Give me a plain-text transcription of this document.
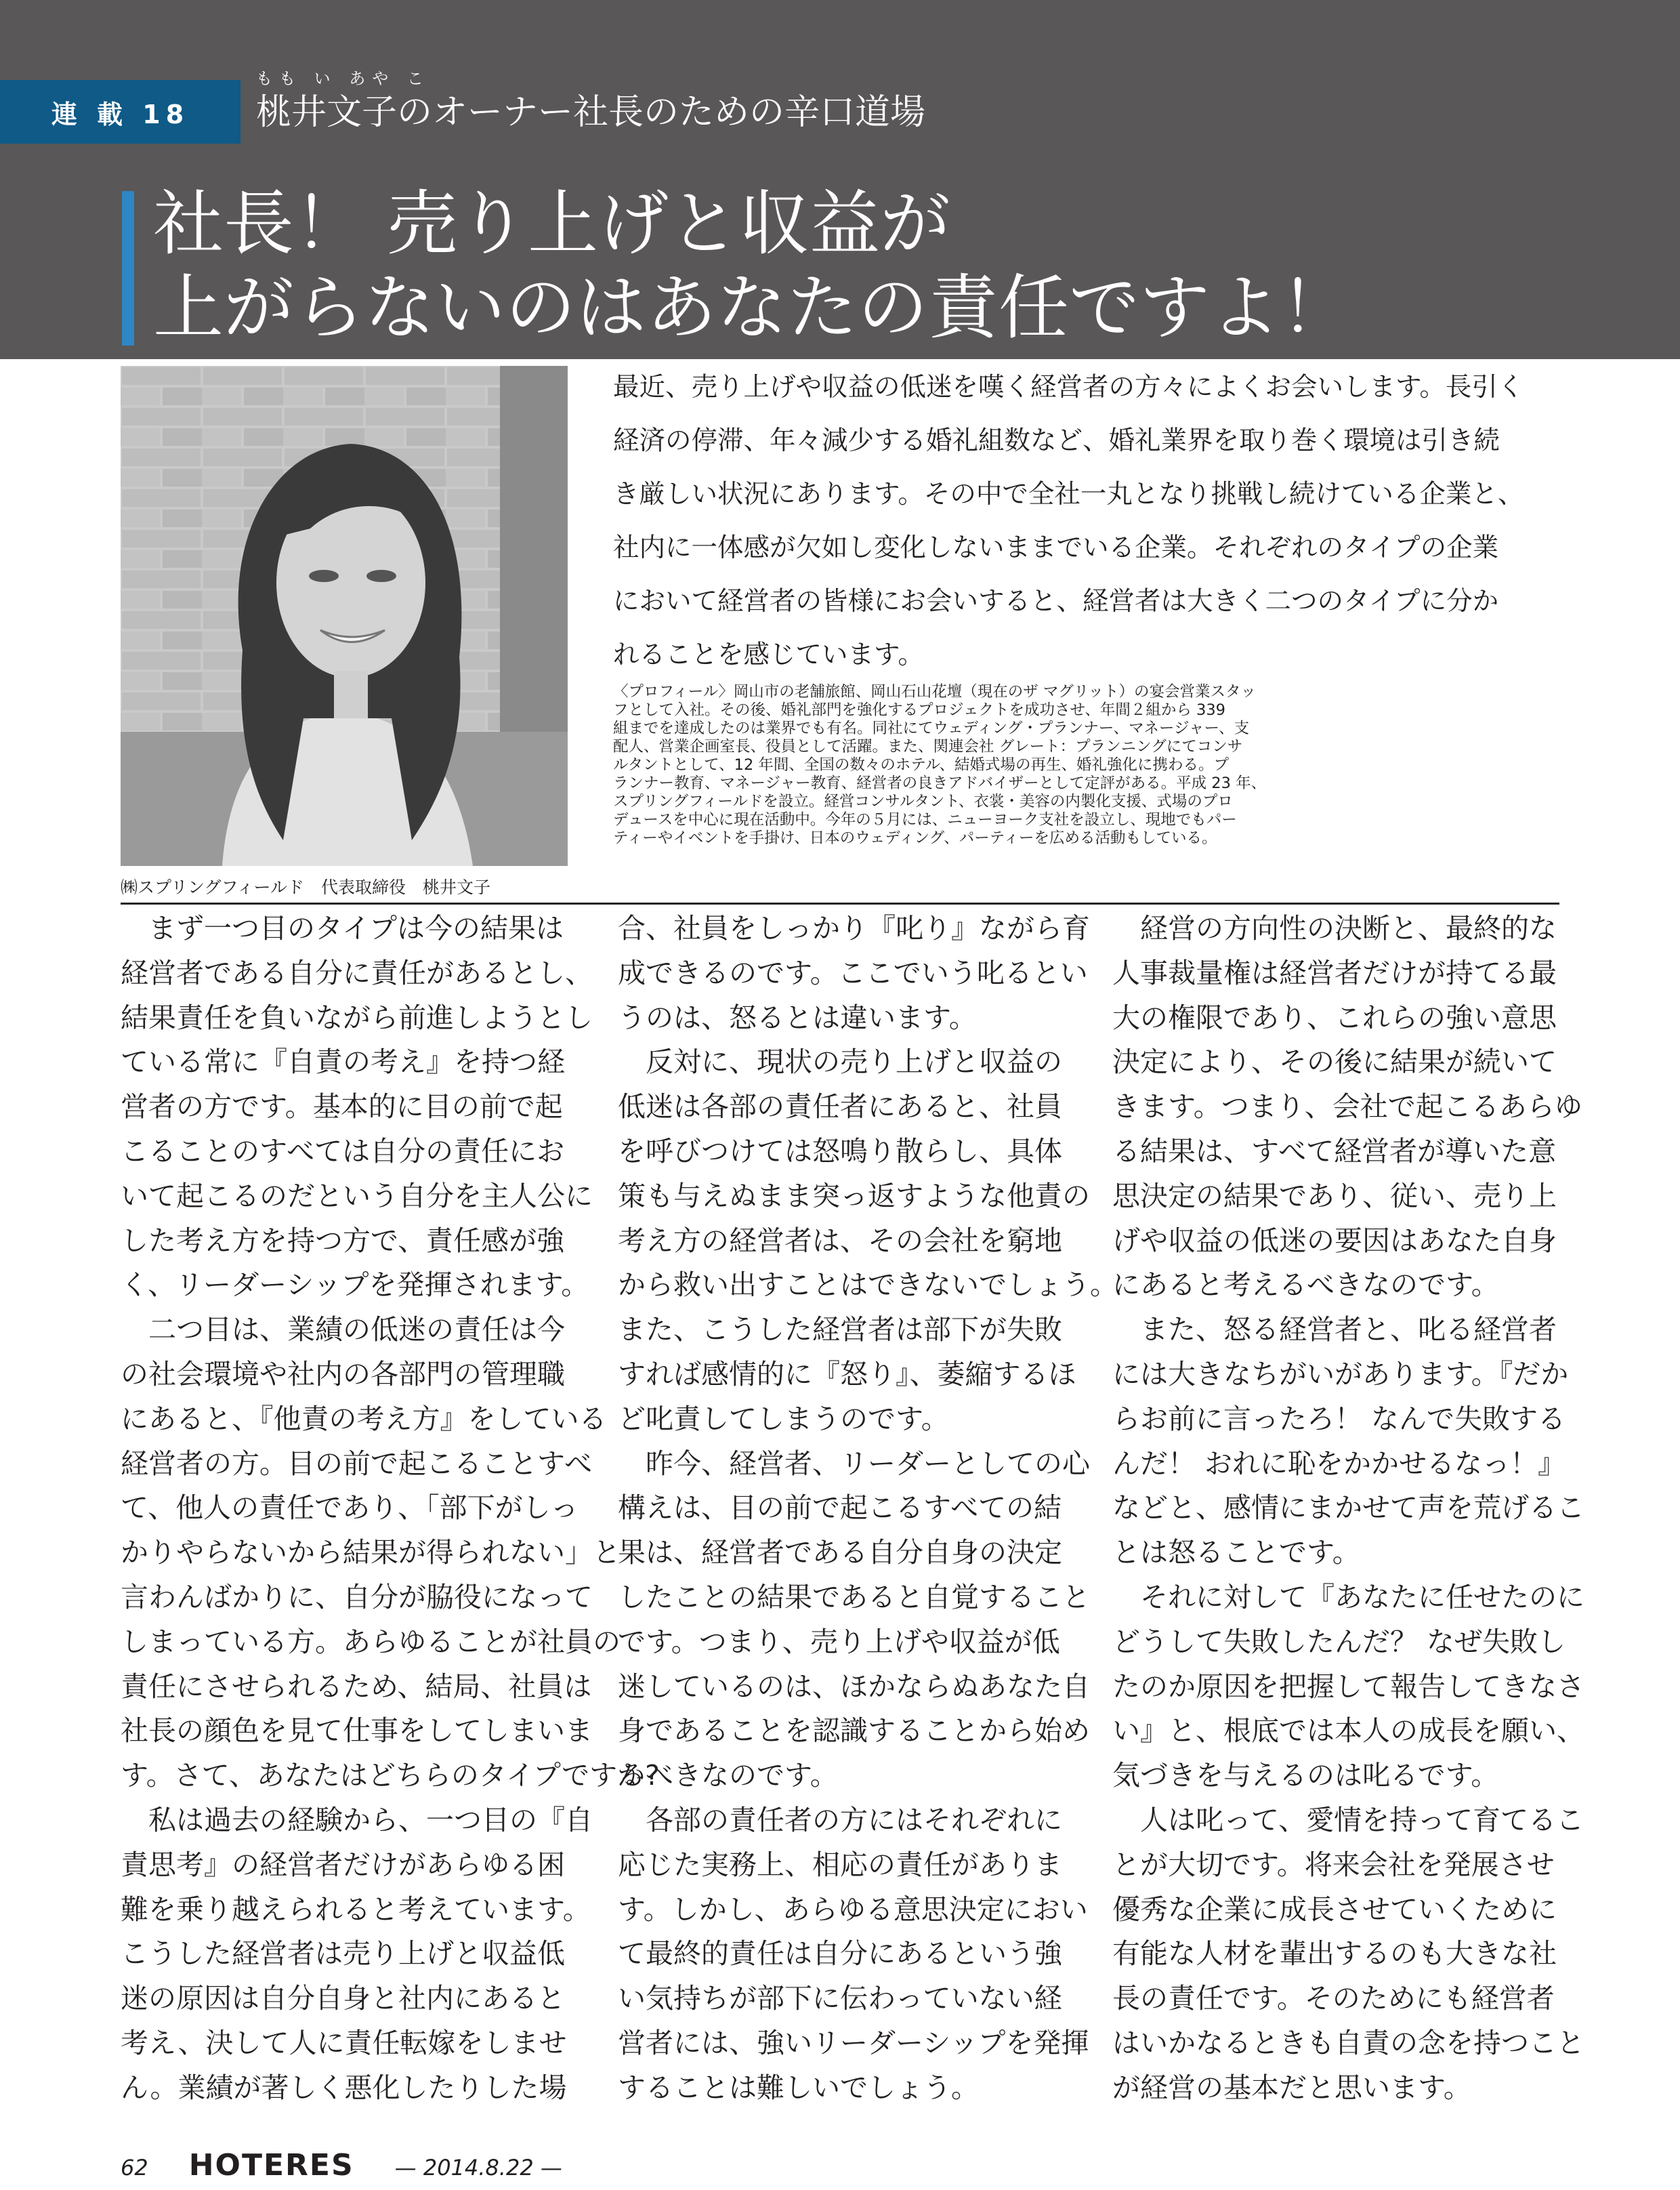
連 載 18
もも い あや こ
桃井文子のオーナー社長のための辛口道場
社長！ 売り上げと収益が
上がらないのはあなたの責任ですよ！
㈱スプリングフィールド　代表取締役　桃井文子
最近、売り上げや収益の低迷を嘆く経営者の方々によくお会いします。長引く
経済の停滞、年々減少する婚礼組数など、婚礼業界を取り巻く環境は引き続
き厳しい状況にあります。その中で全社一丸となり挑戦し続けている企業と、
社内に一体感が欠如し変化しないままでいる企業。それぞれのタイプの企業
において経営者の皆様にお会いすると、経営者は大きく二つのタイプに分か
れることを感じています。
〈プロフィール〉岡山市の老舗旅館、岡山石山花壇（現在のザ マグリット）の宴会営業スタッ
フとして入社。その後、婚礼部門を強化するプロジェクトを成功させ、年間２組から 339
組までを達成したのは業界でも有名。同社にてウェディング・プランナー、マネージャー、支
配人、営業企画室長、役員として活躍。また、関連会社 グレート：プランニングにてコンサ
ルタントとして、12 年間、全国の数々のホテル、結婚式場の再生、婚礼強化に携わる。プ
ランナー教育、マネージャー教育、経営者の良きアドバイザーとして定評がある。平成 23 年、
スプリングフィールドを設立。経営コンサルタント、衣裳・美容の内製化支援、式場のプロ
デュースを中心に現在活動中。今年の５月には、ニューヨーク支社を設立し、現地でもパー
ティーやイベントを手掛け、日本のウェディング、パーティーを広める活動もしている。
　まず一つ目のタイプは今の結果は
経営者である自分に責任があるとし、
結果責任を負いながら前進しようとし
ている常に『自責の考え』を持つ経
営者の方です。基本的に目の前で起
こることのすべては自分の責任にお
いて起こるのだという自分を主人公に
した考え方を持つ方で、責任感が強
く、リーダーシップを発揮されます。
　二つ目は、業績の低迷の責任は今
の社会環境や社内の各部門の管理職
にあると、『他責の考え方』をしている
経営者の方。目の前で起こることすべ
て、他人の責任であり、「部下がしっ
かりやらないから結果が得られない」と
言わんばかりに、自分が脇役になって
しまっている方。あらゆることが社員の
責任にさせられるため、結局、社員は
社長の顔色を見て仕事をしてしまいま
す。さて、あなたはどちらのタイプですか?
　私は過去の経験から、一つ目の『自
責思考』の経営者だけがあらゆる困
難を乗り越えられると考えています。
こうした経営者は売り上げと収益低
迷の原因は自分自身と社内にあると
考え、決して人に責任転嫁をしませ
ん。業績が著しく悪化したりした場
合、社員をしっかり『叱り』ながら育
成できるのです。ここでいう叱るとい
うのは、怒るとは違います。
　反対に、現状の売り上げと収益の
低迷は各部の責任者にあると、社員
を呼びつけては怒鳴り散らし、具体
策も与えぬまま突っ返すような他責の
考え方の経営者は、その会社を窮地
から救い出すことはできないでしょう。
また、こうした経営者は部下が失敗
すれば感情的に『怒り』、萎縮するほ
ど叱責してしまうのです。
　昨今、経営者、リーダーとしての心
構えは、目の前で起こるすべての結
果は、経営者である自分自身の決定
したことの結果であると自覚すること
です。つまり、売り上げや収益が低
迷しているのは、ほかならぬあなた自
身であることを認識することから始め
るべきなのです。
　各部の責任者の方にはそれぞれに
応じた実務上、相応の責任がありま
す。しかし、あらゆる意思決定におい
て最終的責任は自分にあるという強
い気持ちが部下に伝わっていない経
営者には、強いリーダーシップを発揮
することは難しいでしょう。
　経営の方向性の決断と、最終的な
人事裁量権は経営者だけが持てる最
大の権限であり、これらの強い意思
決定により、その後に結果が続いて
きます。つまり、会社で起こるあらゆ
る結果は、すべて経営者が導いた意
思決定の結果であり、従い、売り上
げや収益の低迷の要因はあなた自身
にあると考えるべきなのです。
　また、怒る経営者と、叱る経営者
には大きなちがいがあります。『だか
らお前に言ったろ！ なんで失敗する
んだ！ おれに恥をかかせるなっ！』
などと、感情にまかせて声を荒げるこ
とは怒ることです。
　それに対して『あなたに任せたのに
どうして失敗したんだ？ なぜ失敗し
たのか原因を把握して報告してきなさ
い』と、根底では本人の成長を願い、
気づきを与えるのは叱るです。
　人は叱って、愛情を持って育てるこ
とが大切です。将来会社を発展させ
優秀な企業に成長させていくために
有能な人材を輩出するのも大きな社
長の責任です。そのためにも経営者
はいかなるときも自責の念を持つこと
が経営の基本だと思います。
62 HOTERES — 2014.8.22 —
